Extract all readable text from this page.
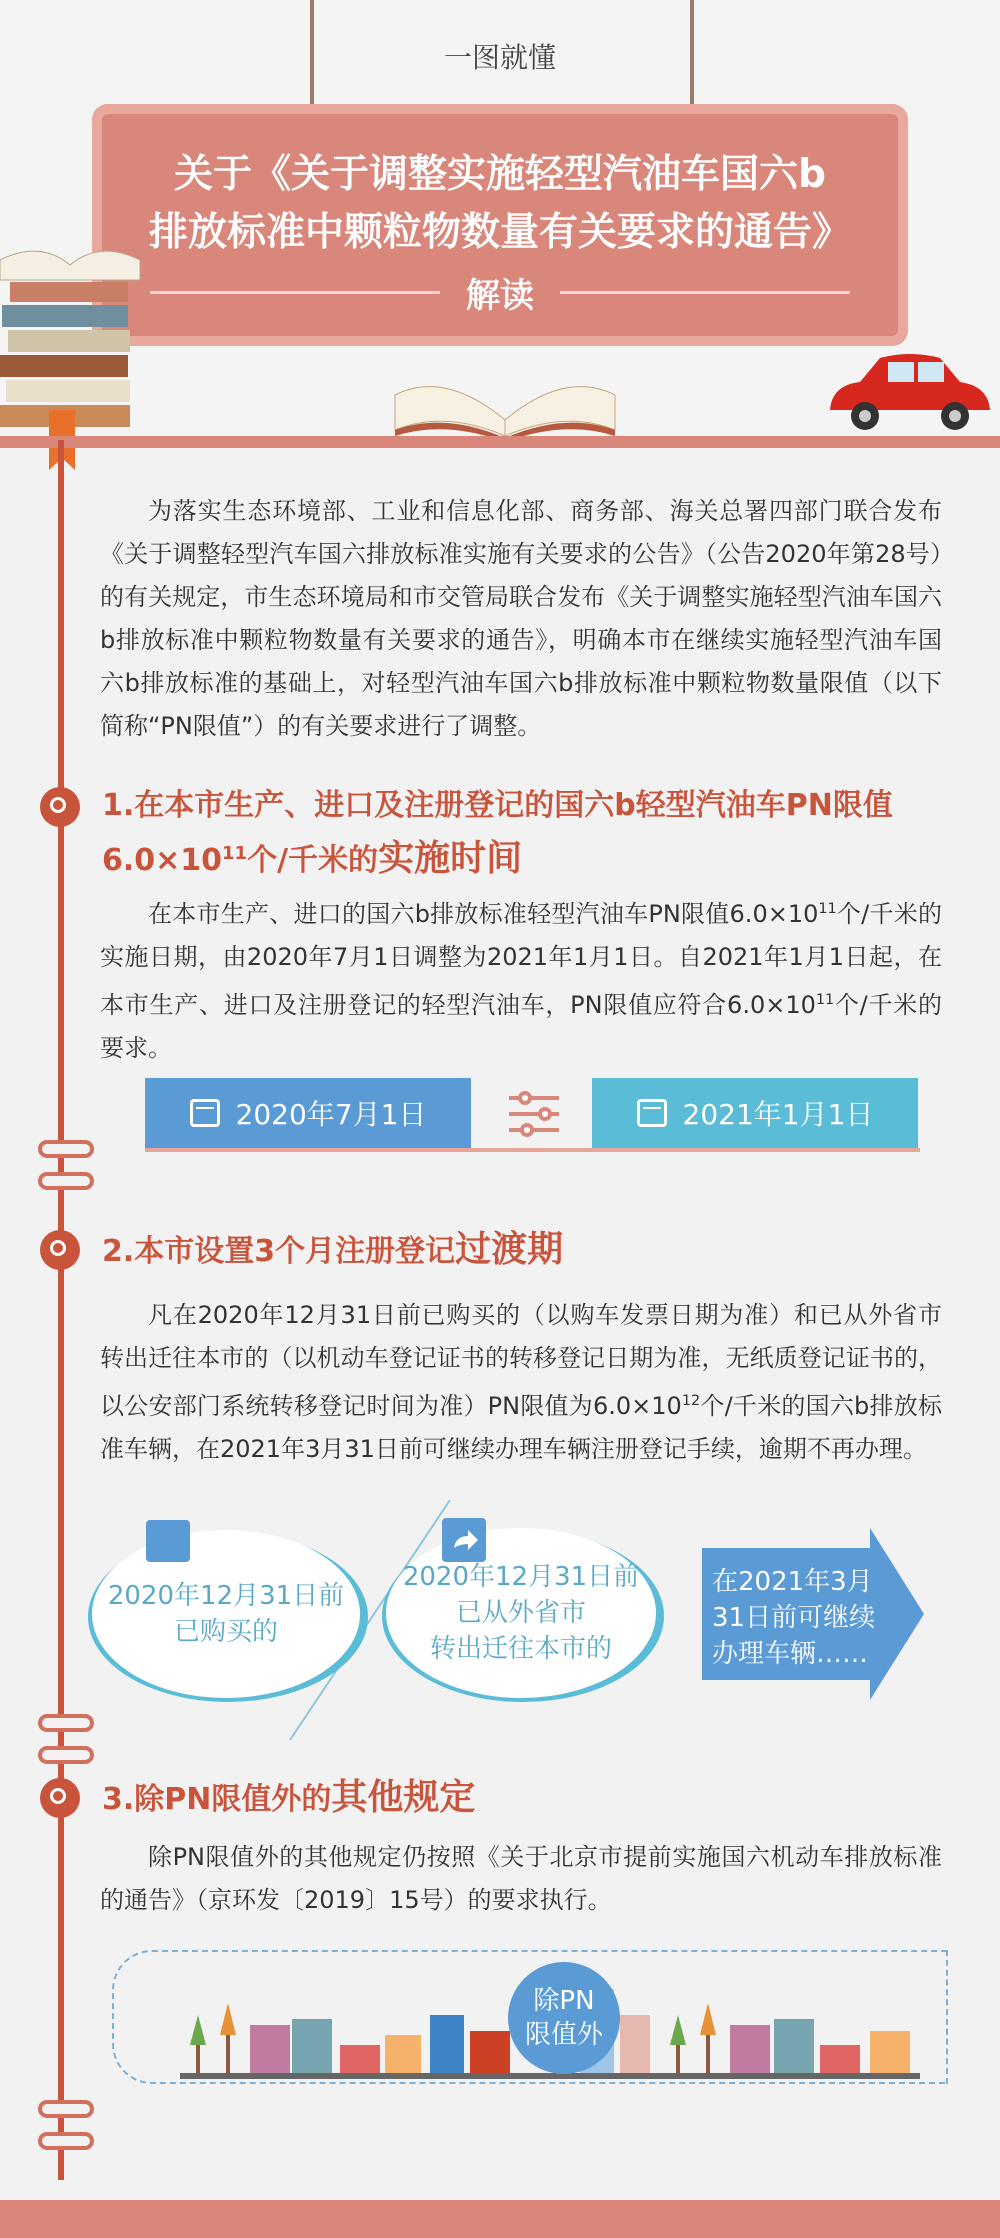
一图就懂
关于《关于调整实施轻型汽油车国六b
排放标准中颗粒物数量有关要求的通告》
解读
为落实生态环境部、工业和信息化部、商务部、海关总署四部门联合发布《关于调整轻型汽车国六排放标准实施有关要求的公告》（公告2020年第28号）的有关规定，市生态环境局和市交管局联合发布《关于调整实施轻型汽油车国六b排放标准中颗粒物数量有关要求的通告》，明确本市在继续实施轻型汽油车国六b排放标准的基础上，对轻型汽油车国六b排放标准中颗粒物数量限值（以下简称“PN限值”）的有关要求进行了调整。
1.在本市生产、进口及注册登记的国六b轻型汽油车PN限值
$6.0\times 10^{11}$个/千米的实施时间
在本市生产、进口的国六b排放标准轻型汽油车PN限值$6.0\times 10^{11}$个/千米的实施日期，由2020年7月1日调整为2021年1月1日。自2021年1月1日起，在本市生产、进口及注册登记的轻型汽油车，PN限值应符合$6.0\times 10^{11}$个/千米的要求。
2020年7月1日	2021年1月1日
2.本市设置3个月注册登记过渡期
凡在2020年12月31日前已购买的（以购车发票日期为准）和已从外省市转出迁往本市的（以机动车登记证书的转移登记日期为准，无纸质登记证书的，以公安部门系统转移登记时间为准）PN限值为$6.0\times 10^{12}$个/千米的国六b排放标准车辆，在2021年3月31日前可继续办理车辆注册登记手续，逾期不再办理。
2020年12月31日前
已购买的
2020年12月31日前
已从外省市
转出迁往本市的
在2021年3月
31日前可继续
办理车辆……
3.除PN限值外的其他规定
除PN限值外的其他规定仍按照《关于北京市提前实施国六机动车排放标准的通告》（京环发〔2019〕15号）的要求执行。
除PN
限值外
